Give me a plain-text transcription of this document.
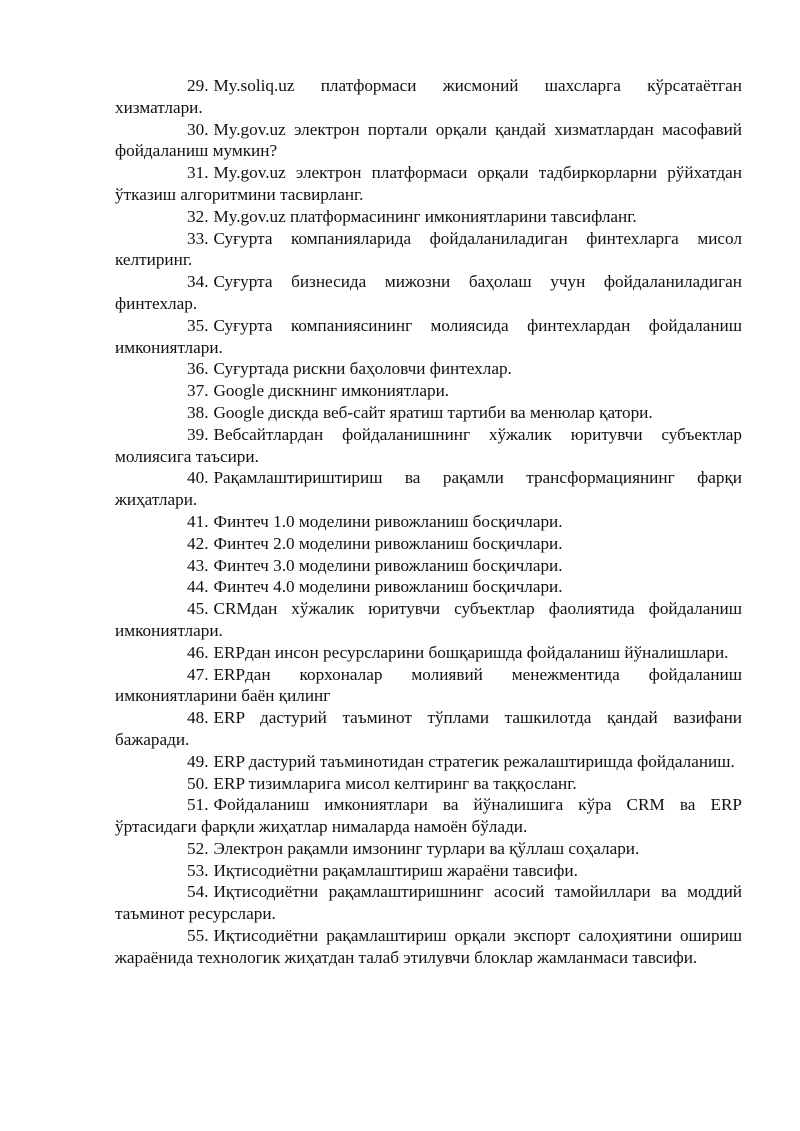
29. My.soliq.uz платформаси жисмоний шахсларга кўрсатаётган хизматлари.
30. My.gov.uz электрон портали орқали қандай хизматлардан масофавий фойдаланиш мумкин?
31. My.gov.uz электрон платформаси орқали тадбиркорларни рўйхатдан ўтказиш алгоритмини тасвирланг.
32. My.gov.uz платформасининг имкониятларини тавсифланг.
33. Суғурта компанияларида фойдаланиладиган финтехларга мисол келтиринг.
34. Суғурта бизнесида мижозни баҳолаш учун фойдаланиладиган финтехлар.
35. Суғурта компаниясининг молиясида финтехлардан фойдаланиш имкониятлари.
36. Суғуртада рискни баҳоловчи финтехлар.
37. Google дискнинг имкониятлари.
38. Google дискда веб-сайт яратиш тартиби ва менюлар қатори.
39. Вебсайтлардан фойдаланишнинг хўжалик юритувчи субъектлар молиясига таъсири.
40. Рақамлаштириштириш ва рақамли трансформациянинг фарқи жиҳатлари.
41. Финтеч 1.0 моделини ривожланиш босқичлари.
42. Финтеч 2.0 моделини ривожланиш босқичлари.
43. Финтеч 3.0 моделини ривожланиш босқичлари.
44. Финтеч 4.0 моделини ривожланиш босқичлари.
45. CRMдан хўжалик юритувчи субъектлар фаолиятида фойдаланиш имкониятлари.
46. ERPдан инсон ресурсларини бошқаришда фойдаланиш йўналишлари.
47. ERPдан корхоналар молиявий менежментида фойдаланиш имкониятларини баён қилинг
48. ERP дастурий таъминот тўплами ташкилотда қандай вазифани бажаради.
49. ERP дастурий таъминотидан стратегик режалаштиришда фойдаланиш.
50. ERP тизимларига мисол келтиринг ва таққосланг.
51. Фойдаланиш имкониятлари ва йўналишига кўра CRM ва ERP ўртасидаги фарқли жиҳатлар нималарда намоён бўлади.
52. Электрон рақамли имзонинг турлари ва қўллаш соҳалари.
53. Иқтисодиётни рақамлаштириш жараёни тавсифи.
54. Иқтисодиётни рақамлаштиришнинг асосий тамойиллари ва моддий таъминот ресурслари.
55. Иқтисодиётни рақамлаштириш орқали экспорт салоҳиятини ошириш жараёнида технологик жиҳатдан талаб этилувчи блоклар жамланмаси тавсифи.
